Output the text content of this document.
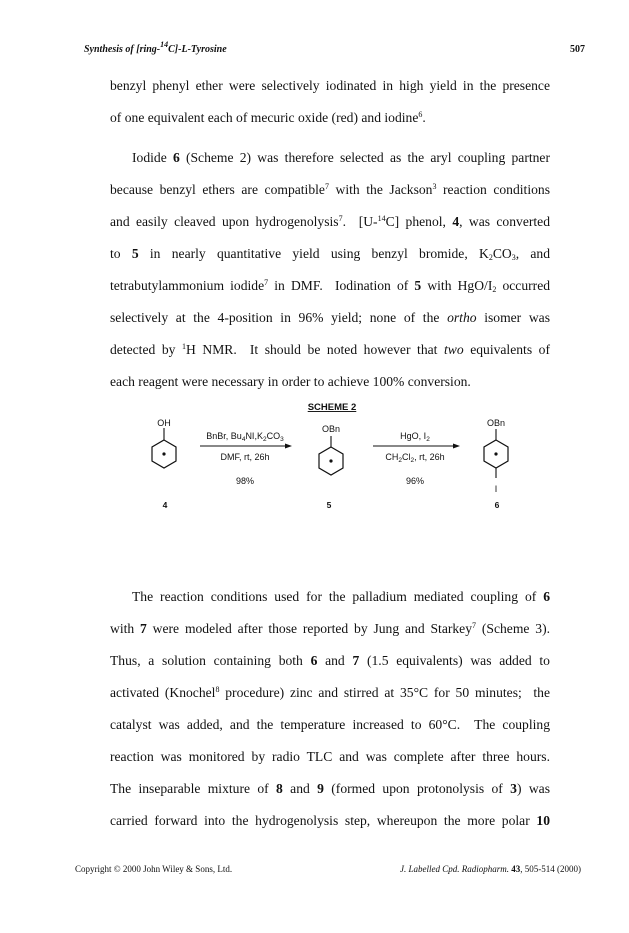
Synthesis of [ring-$^{14}$C]-L-Tyrosine	507
benzyl phenyl ether were selectively iodinated in high yield in the presence
of one equivalent each of mecuric oxide (red) and iodine$^6$.
Iodide 6 (Scheme 2) was therefore selected as the aryl coupling partner
because benzyl ethers are compatible$^7$ with the Jackson$^3$ reaction conditions
and easily cleaved upon hydrogenolysis$^7$.  [U-$^{14}$C] phenol, 4, was converted
to  5  in  nearly  quantitative  yield  using  benzyl  bromide,  $K_2CO_3$,  and
tetrabutylammonium iodide$^7$ in DMF.  Iodination of 5 with HgO/$I_2$ occurred
selectively at the 4-position in 96% yield; none of the ortho isomer was
detected by $^1$H NMR.  It should be noted however that two equivalents of
each reagent were necessary in order to achieve 100% conversion.
SCHEME 2
OH
4
BnBr, $Bu_4NI,K_2CO_3$
DMF, rt, 26h
98%
OBn
5
HgO, $I_2$
$CH_2Cl_2$, rt, 26h
96%
OBn
I
6
The reaction conditions used for the palladium mediated coupling of 6
with 7 were modeled after those reported by Jung and Starkey$^7$ (Scheme 3).
Thus, a solution containing both 6 and 7 (1.5 equivalents) was added to
activated (Knochel$^8$ procedure) zinc and stirred at 35°C for 50 minutes;  the
catalyst was added, and the temperature increased to 60°C.  The coupling
reaction was monitored by radio TLC and was complete after three hours.
The inseparable mixture of 8 and 9 (formed upon protonolysis of 3) was
carried forward into the hydrogenolysis step, whereupon the more polar 10
Copyright © 2000 John Wiley & Sons, Ltd.	J. Labelled Cpd. Radiopharm. 43, 505-514 (2000)
